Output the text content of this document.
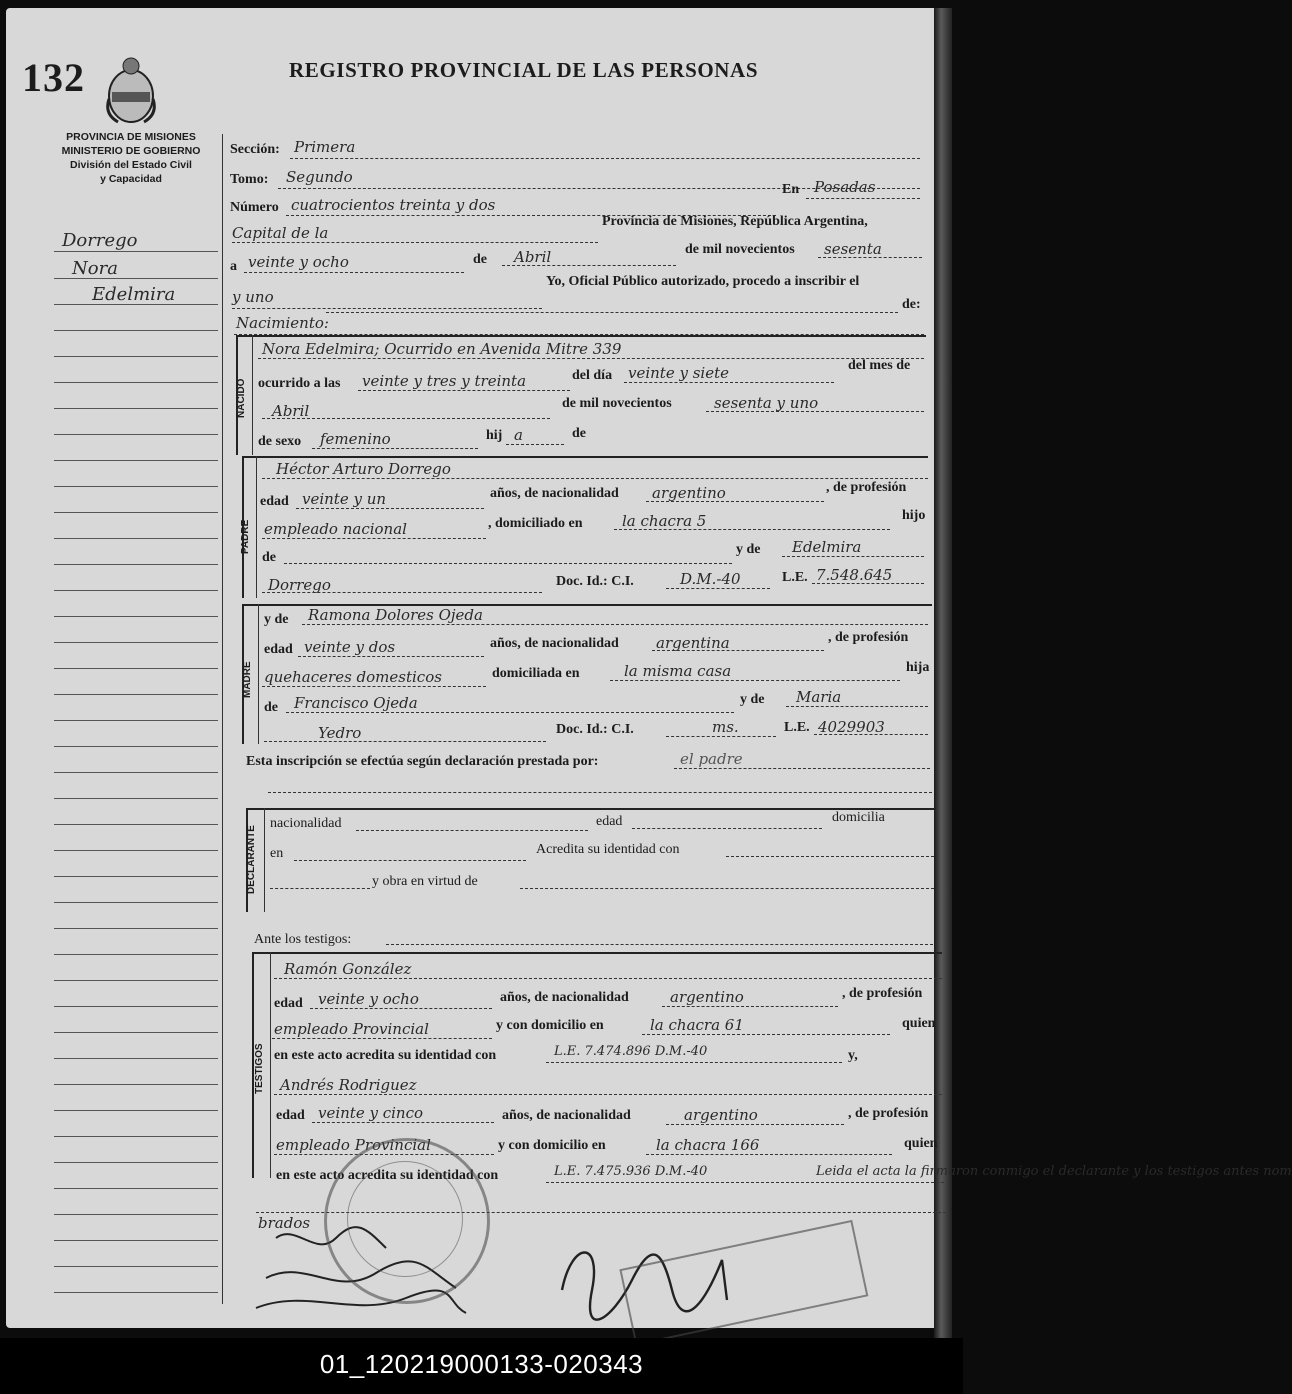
132	REGISTRO PROVINCIAL DE LAS PERSONAS
PROVINCIA DE MISIONES
MINISTERIO DE GOBIERNO
División del Estado Civil
y Capacidad
Dorrego
Nora
Edelmira
Sección: Primera
Tomo: Segundo
Número cuatrocientos treinta y dos
En Posadas
Capital de la
Provincia de Misiones, República Argentina,
a veinte y ocho	de Abril	de mil novecientos sesenta
y uno
Yo, Oficial Público autorizado, procedo a inscribir el
de:
Nacimiento:
NACIDO
Nora Edelmira; Ocurrido en Avenida Mitre 339
ocurrido a las veinte y tres y treinta	del día veinte y siete	del mes de
Abril	de mil novecientos	sesenta y uno
de sexo femenino	hij a	de
PADRE
Héctor Arturo Dorrego
edad veinte y un	años, de nacionalidad argentino	, de profesión
empleado nacional	, domiciliado en	la chacra 5	hijo
de
y de Edelmira
Dorrego	Doc. Id.: C.I.	D.M.-40	L.E. 7.548.645
MADRE
y de Ramona Dolores Ojeda
edad veinte y dos	años, de nacionalidad argentina	, de profesión
quehaceres domesticos	domiciliada en	la misma casa	hija
de Francisco Ojeda	y de Maria
Yedro	Doc. Id.: C.I.	ms.	L.E. 4029903
Esta inscripción se efectúa según declaración prestada por:	el padre
DECLARANTE
nacionalidad	edad	domicilia
en	Acredita su identidad con
y obra en virtud de
Ante los testigos:
TESTIGOS
Ramón González
edad veinte y ocho	años, de nacionalidad	argentino	, de profesión
empleado Provincial	y con domicilio en	la chacra 61	quien
en este acto acredita su identidad con	L.E. 7.474.896 D.M.-40	y,
Andrés Rodriguez
edad veinte y cinco	años, de nacionalidad	argentino	, de profesión
empleado Provincial	y con domicilio en	la chacra 166	quien
en este acto acredita su identidad con	L.E. 7.475.936 D.M.-40	Leida el acta la firmaron conmigo el declarante y los testigos antes nom
brados
01_120219000133-020343
